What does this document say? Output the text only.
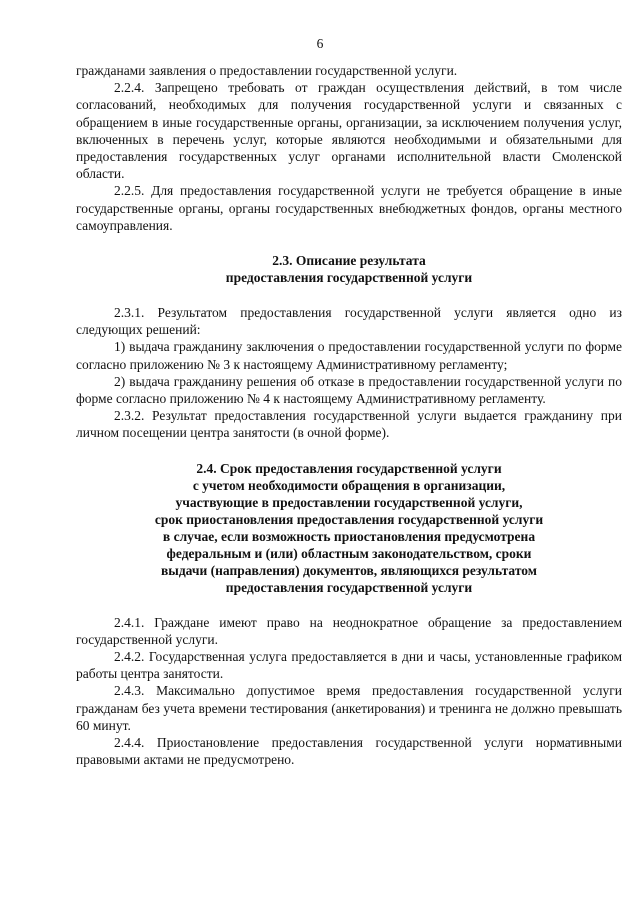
6

гражданами заявления о предоставлении государственной услуги.

2.2.4. Запрещено требовать от граждан осуществления действий, в том числе согласований, необходимых для получения государственной услуги и связанных с обращением в иные государственные органы, организации, за исключением получения услуг, включенных в перечень услуг, которые являются необходимыми и обязательными для предоставления государственных услуг органами исполнительной власти Смоленской области.

2.2.5. Для предоставления государственной услуги не требуется обращение в иные государственные органы, органы государственных внебюджетных фондов, органы местного самоуправления.

2.3. Описание результата
предоставления государственной услуги

2.3.1. Результатом предоставления государственной услуги является одно из следующих решений:

1) выдача гражданину заключения о предоставлении государственной услуги по форме согласно приложению № 3 к настоящему Административному регламенту;

2) выдача гражданину решения об отказе в предоставлении государственной услуги по форме согласно приложению № 4 к настоящему Административному регламенту.

2.3.2. Результат предоставления государственной услуги выдается гражданину при личном посещении центра занятости (в очной форме).

2.4. Срок предоставления государственной услуги
с учетом необходимости обращения в организации,
участвующие в предоставлении государственной услуги,
срок приостановления предоставления государственной услуги
в случае, если возможность приостановления предусмотрена
федеральным и (или) областным законодательством, сроки
выдачи (направления) документов, являющихся результатом
предоставления государственной услуги

2.4.1. Граждане имеют право на неоднократное обращение за предоставлением государственной услуги.

2.4.2. Государственная услуга предоставляется в дни и часы, установленные графиком работы центра занятости.

2.4.3. Максимально допустимое время предоставления государственной услуги гражданам без учета времени тестирования (анкетирования) и тренинга не должно превышать 60 минут.

2.4.4. Приостановление предоставления государственной услуги нормативными правовыми актами не предусмотрено.
